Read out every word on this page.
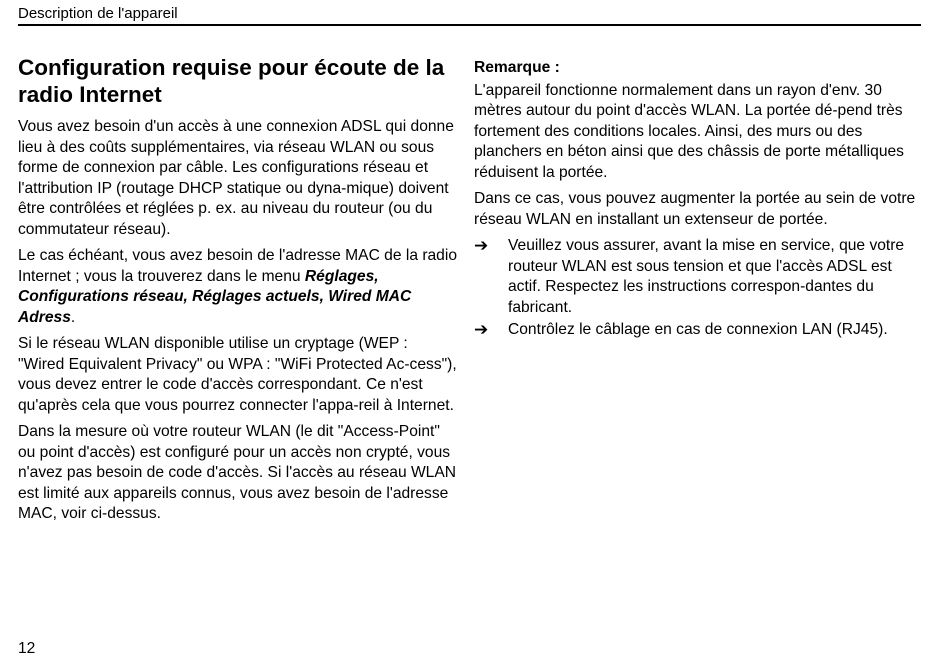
Description de l'appareil
Configuration requise pour écoute de la radio Internet

Vous avez besoin d'un accès à une connexion ADSL qui donne lieu à des coûts supplémentaires, via réseau WLAN ou sous forme de connexion par câble. Les configurations réseau et l'attribution IP (routage DHCP statique ou dyna-mique) doivent être contrôlées et réglées p. ex. au niveau du routeur (ou du commutateur réseau).

Le cas échéant, vous avez besoin de l'adresse MAC de la radio Internet ; vous la trouverez dans le menu Réglages, Configurations réseau, Réglages actuels, Wired MAC Adress.

Si le réseau WLAN disponible utilise un cryptage (WEP : "Wired Equivalent Privacy" ou WPA : "WiFi Protected Ac-cess"), vous devez entrer le code d'accès correspondant. Ce n'est qu'après cela que vous pourrez connecter l'appa-reil à Internet.

Dans la mesure où votre routeur WLAN (le dit "Access-Point" ou point d'accès) est configuré pour un accès non crypté, vous n'avez pas besoin de code d'accès. Si l'accès au réseau WLAN est limité aux appareils connus, vous avez besoin de l'adresse MAC, voir ci-dessus.

Remarque :

L'appareil fonctionne normalement dans un rayon d'env. 30 mètres autour du point d'accès WLAN. La portée dé-pend très fortement des conditions locales. Ainsi, des murs ou des planchers en béton ainsi que des châssis de porte métalliques réduisent la portée.

Dans ce cas, vous pouvez augmenter la portée au sein de votre réseau WLAN en installant un extenseur de portée.

➔ Veuillez vous assurer, avant la mise en service, que votre routeur WLAN est sous tension et que l'accès ADSL est actif. Respectez les instructions correspon-dantes du fabricant.
➔ Contrôlez le câblage en cas de connexion LAN (RJ45).
12
